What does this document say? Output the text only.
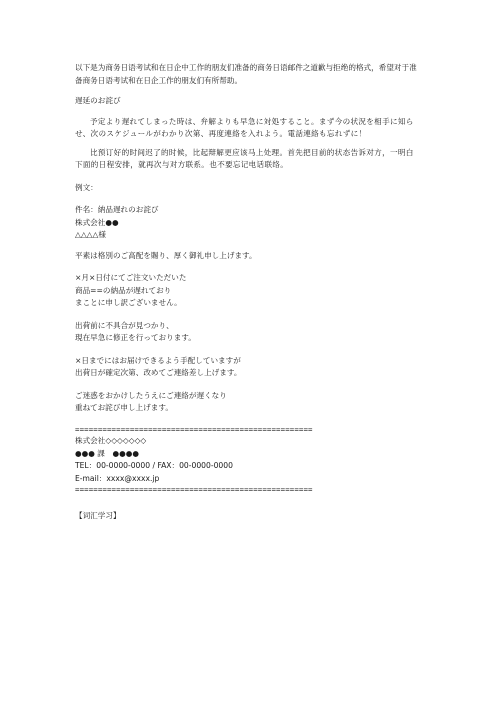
以下是为商务日语考试和在日企中工作的朋友们准备的商务日语邮件之道歉与拒绝的格式，希望对于准备商务日语考试和在日企工作的朋友们有所帮助。

遅延のお詫び

予定より遅れてしまった時は、弁解よりも早急に対処すること。まず今の状況を相手に知らせ、次のスケジュールがわかり次第、再度連絡を入れよう。電話連絡も忘れずに！

比预订好的时间迟了的时候，比起辩解更应该马上处理。首先把目前的状态告诉对方，一明白下面的日程安排，就再次与对方联系。也不要忘记电话联络。

例文：

件名：納品遅れのお詫び

株式会社●●

△△△△様

平素は格別のご高配を賜り、厚く御礼申し上げます。

×月×日付にてご注文いただいた

商品==の納品が遅れており

まことに申し訳ございません。

出荷前に不具合が見つかり、

現在早急に修正を行っております。

×日までにはお届けできるよう手配していますが

出荷日が確定次第、改めてご連絡差し上げます。

ご迷惑をおかけしたうえにご連絡が遅くなり

重ねてお詫び申し上げます。

====================================================

株式会社◇◇◇◇◇◇◇

●●● 課　●●●●

TEL：00-0000-0000 / FAX：00-0000-0000

E-mail：xxxx@xxxx.jp

====================================================

【词汇学习】
